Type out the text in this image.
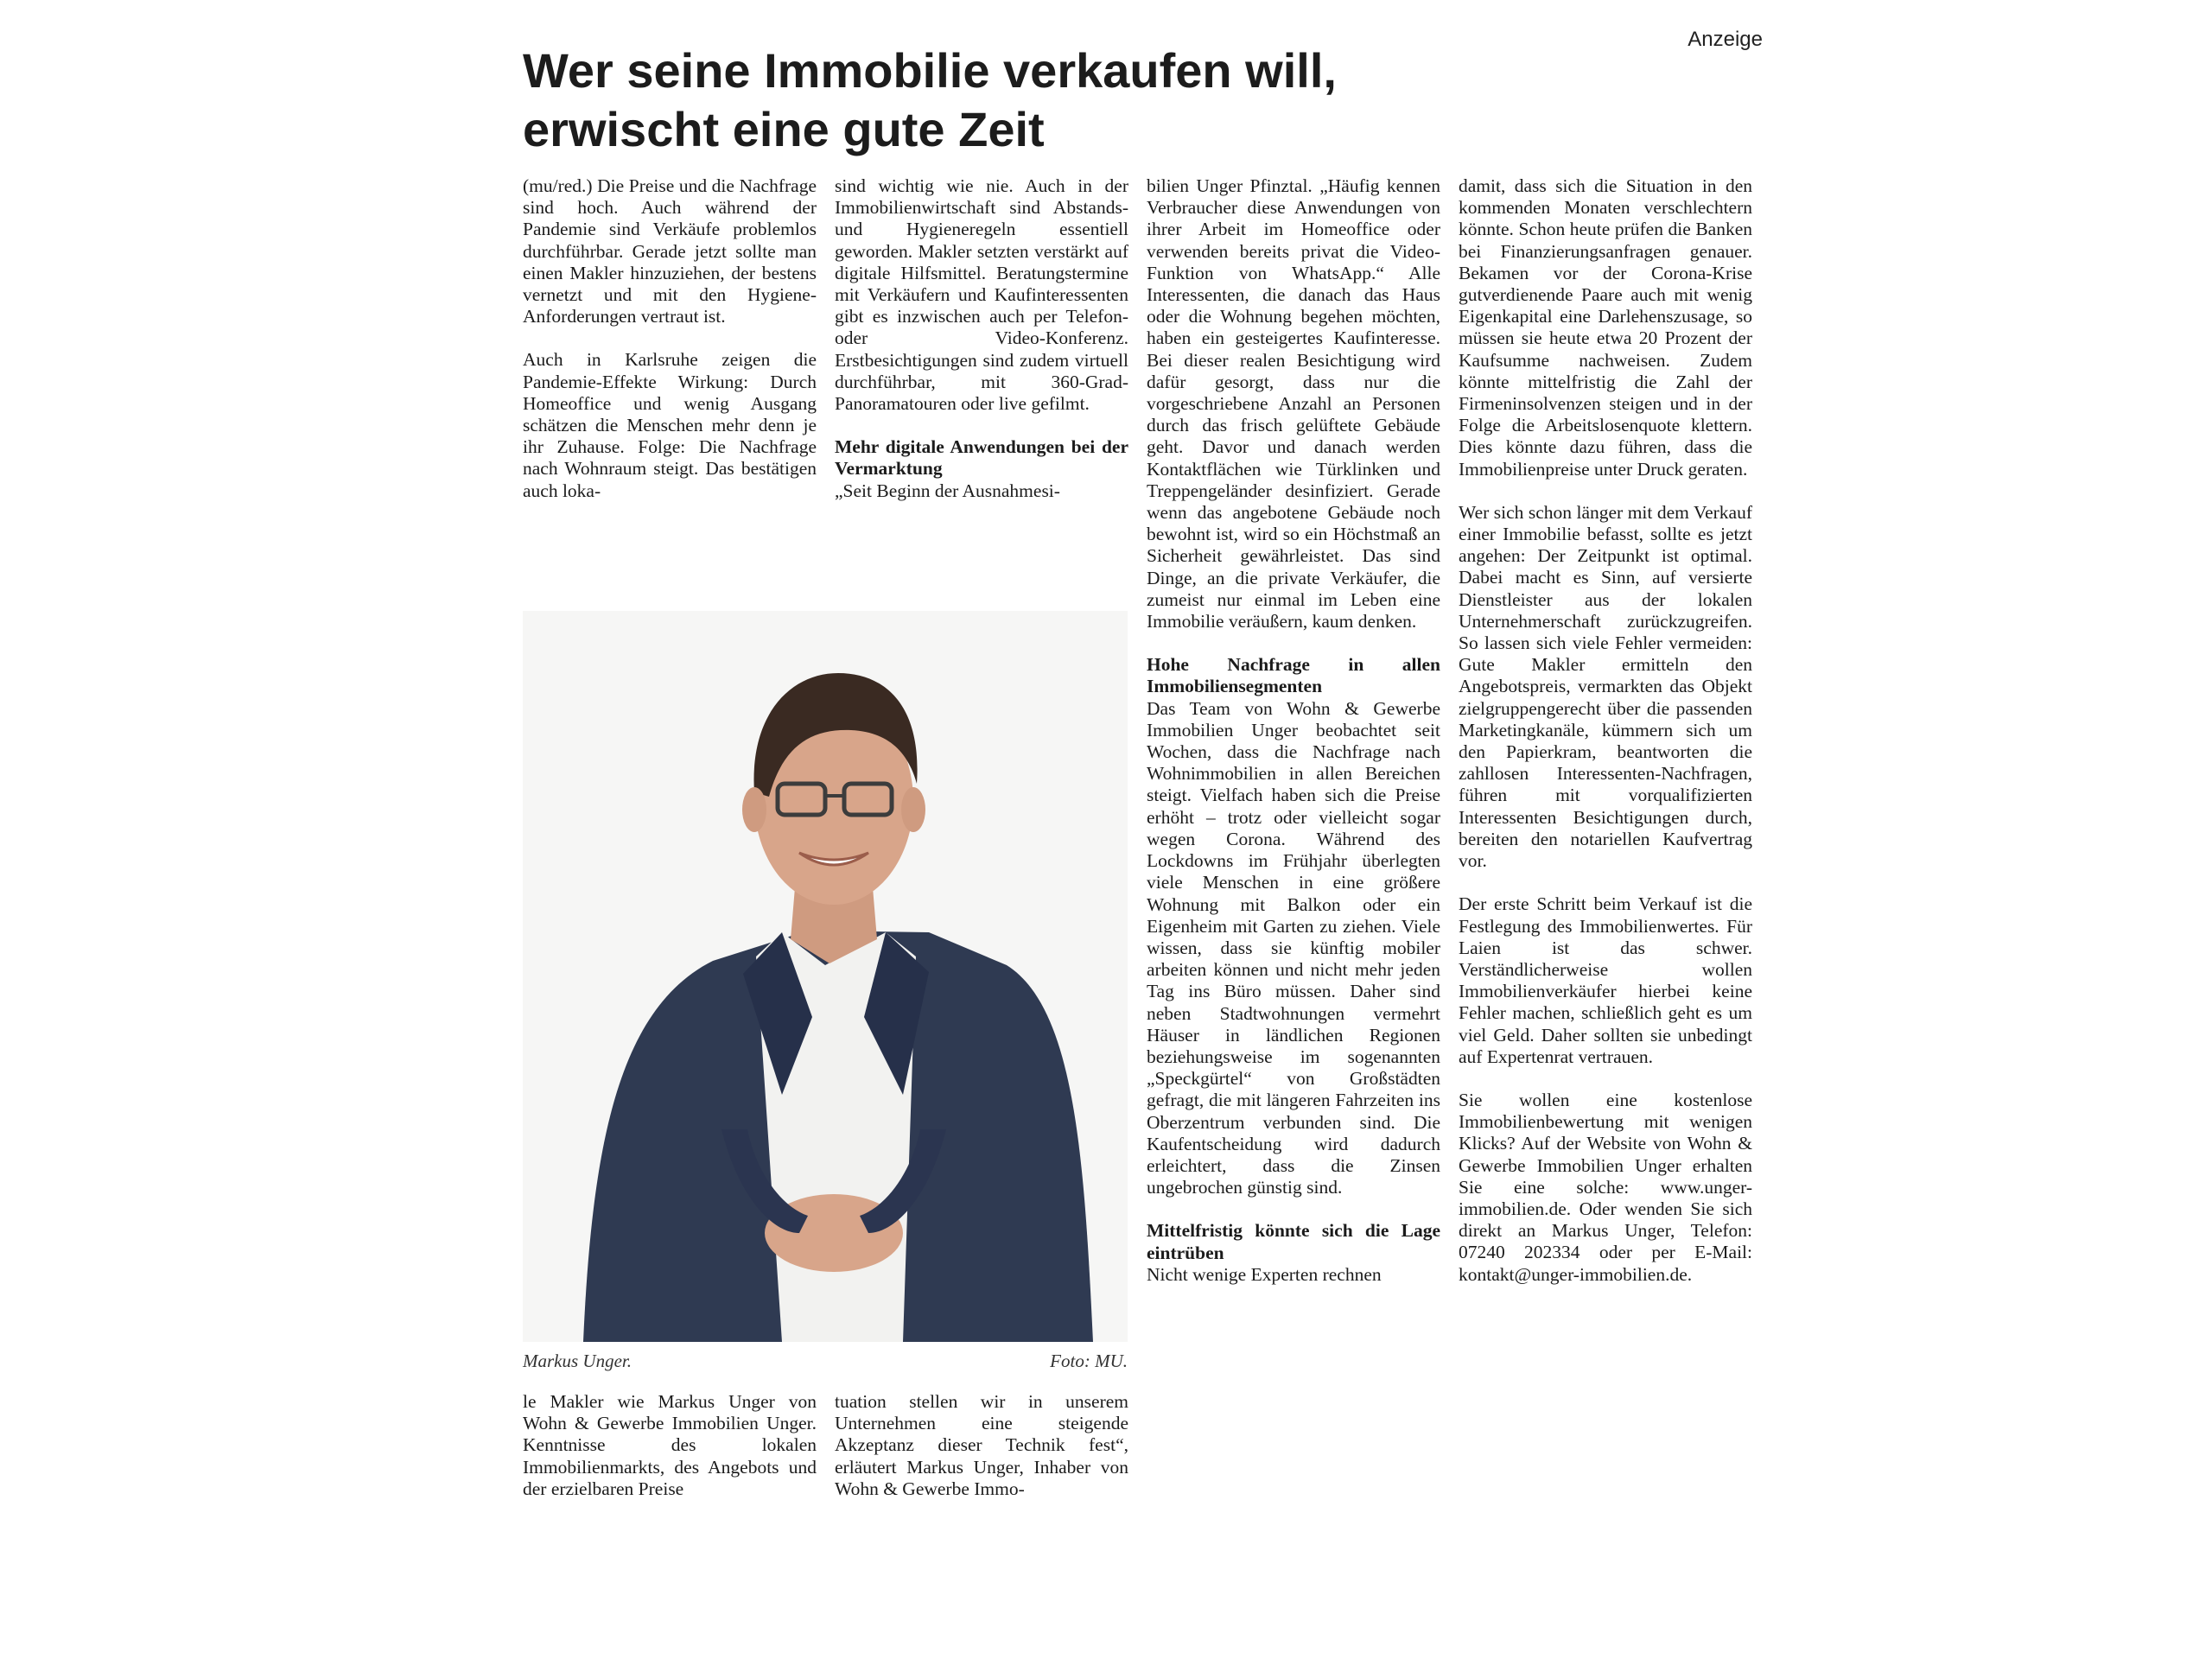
Anzeige
Wer seine Immobilie verkaufen will,
erwischt eine gute Zeit

(mu/red.) Die Preise und die Nachfrage sind hoch. Auch während der Pandemie sind Verkäufe problemlos durchführbar. Gerade jetzt sollte man einen Makler hinzuziehen, der bestens vernetzt und mit den Hygiene-Anforderungen vertraut ist.

Auch in Karlsruhe zeigen die Pandemie-Effekte Wirkung: Durch Homeoffice und wenig Ausgang schätzen die Menschen mehr denn je ihr Zuhause. Folge: Die Nachfrage nach Wohnraum steigt. Das bestätigen auch loka-

sind wichtig wie nie. Auch in der Immobilienwirtschaft sind Abstands- und Hygieneregeln essentiell geworden. Makler setzten verstärkt auf digitale Hilfsmittel. Beratungstermine mit Verkäufern und Kaufinteressenten gibt es inzwischen auch per Telefon- oder Video-Konferenz. Erstbesichtigungen sind zudem virtuell durchführbar, mit 360-Grad-Panoramatouren oder live gefilmt.

Mehr digitale Anwendungen bei der Vermarktung

„Seit Beginn der Ausnahmesi-

bilien Unger Pfinztal. „Häufig kennen Verbraucher diese Anwendungen von ihrer Arbeit im Homeoffice oder verwenden bereits privat die Video-Funktion von WhatsApp.“ Alle Interessenten, die danach das Haus oder die Wohnung begehen möchten, haben ein gesteigertes Kaufinteresse. Bei dieser realen Besichtigung wird dafür gesorgt, dass nur die vorgeschriebene Anzahl an Personen durch das frisch gelüftete Gebäude geht. Davor und danach werden Kontaktflächen wie Türklinken und Treppengeländer desinfiziert. Gerade wenn das angebotene Gebäude noch bewohnt ist, wird so ein Höchstmaß an Sicherheit gewährleistet. Das sind Dinge, an die private Verkäufer, die zumeist nur einmal im Leben eine Immobilie veräußern, kaum denken.

Hohe Nachfrage in allen Immobiliensegmenten

Das Team von Wohn & Gewerbe Immobilien Unger beobachtet seit Wochen, dass die Nachfrage nach Wohnimmobilien in allen Bereichen steigt. Vielfach haben sich die Preise erhöht – trotz oder vielleicht sogar wegen Corona. Während des Lockdowns im Frühjahr überlegten viele Menschen in eine größere Wohnung mit Balkon oder ein Eigenheim mit Garten zu ziehen. Viele wissen, dass sie künftig mobiler arbeiten können und nicht mehr jeden Tag ins Büro müssen. Daher sind neben Stadtwohnungen vermehrt Häuser in ländlichen Regionen beziehungsweise im sogenannten „Speckgürtel“ von Großstädten gefragt, die mit längeren Fahrzeiten ins Oberzentrum verbunden sind. Die Kaufentscheidung wird dadurch erleichtert, dass die Zinsen ungebrochen günstig sind.

Mittelfristig könnte sich die Lage eintrüben

Nicht wenige Experten rechnen

damit, dass sich die Situation in den kommenden Monaten verschlechtern könnte. Schon heute prüfen die Banken bei Finanzierungsanfragen genauer. Bekamen vor der Corona-Krise gutverdienende Paare auch mit wenig Eigenkapital eine Darlehenszusage, so müssen sie heute etwa 20 Prozent der Kaufsumme nachweisen. Zudem könnte mittelfristig die Zahl der Firmeninsolvenzen steigen und in der Folge die Arbeitslosenquote klettern. Dies könnte dazu führen, dass die Immobilienpreise unter Druck geraten.

Wer sich schon länger mit dem Verkauf einer Immobilie befasst, sollte es jetzt angehen: Der Zeitpunkt ist optimal. Dabei macht es Sinn, auf versierte Dienstleister aus der lokalen Unternehmerschaft zurückzugreifen. So lassen sich viele Fehler vermeiden: Gute Makler ermitteln den Angebotspreis, vermarkten das Objekt zielgruppengerecht über die passenden Marketingkanäle, kümmern sich um den Papierkram, beantworten die zahllosen Interessenten-Nachfragen, führen mit vorqualifizierten Interessenten Besichtigungen durch, bereiten den notariellen Kaufvertrag vor.

Der erste Schritt beim Verkauf ist die Festlegung des Immobilienwertes. Für Laien ist das schwer. Verständlicherweise wollen Immobilienverkäufer hierbei keine Fehler machen, schließlich geht es um viel Geld. Daher sollten sie unbedingt auf Expertenrat vertrauen.

Sie wollen eine kostenlose Immobilienbewertung mit wenigen Klicks? Auf der Website von Wohn & Gewerbe Immobilien Unger erhalten Sie eine solche: www.unger-immobilien.de. Oder wenden Sie sich direkt an Markus Unger, Telefon: 07240 202334 oder per E-Mail: kontakt@unger-immobilien.de.

Markus Unger.	Foto: MU.

le Makler wie Markus Unger von Wohn & Gewerbe Immobilien Unger. Kenntnisse des lokalen Immobilienmarkts, des Angebots und der erzielbaren Preise

tuation stellen wir in unserem Unternehmen eine steigende Akzeptanz dieser Technik fest“, erläutert Markus Unger, Inhaber von Wohn & Gewerbe Immo-
